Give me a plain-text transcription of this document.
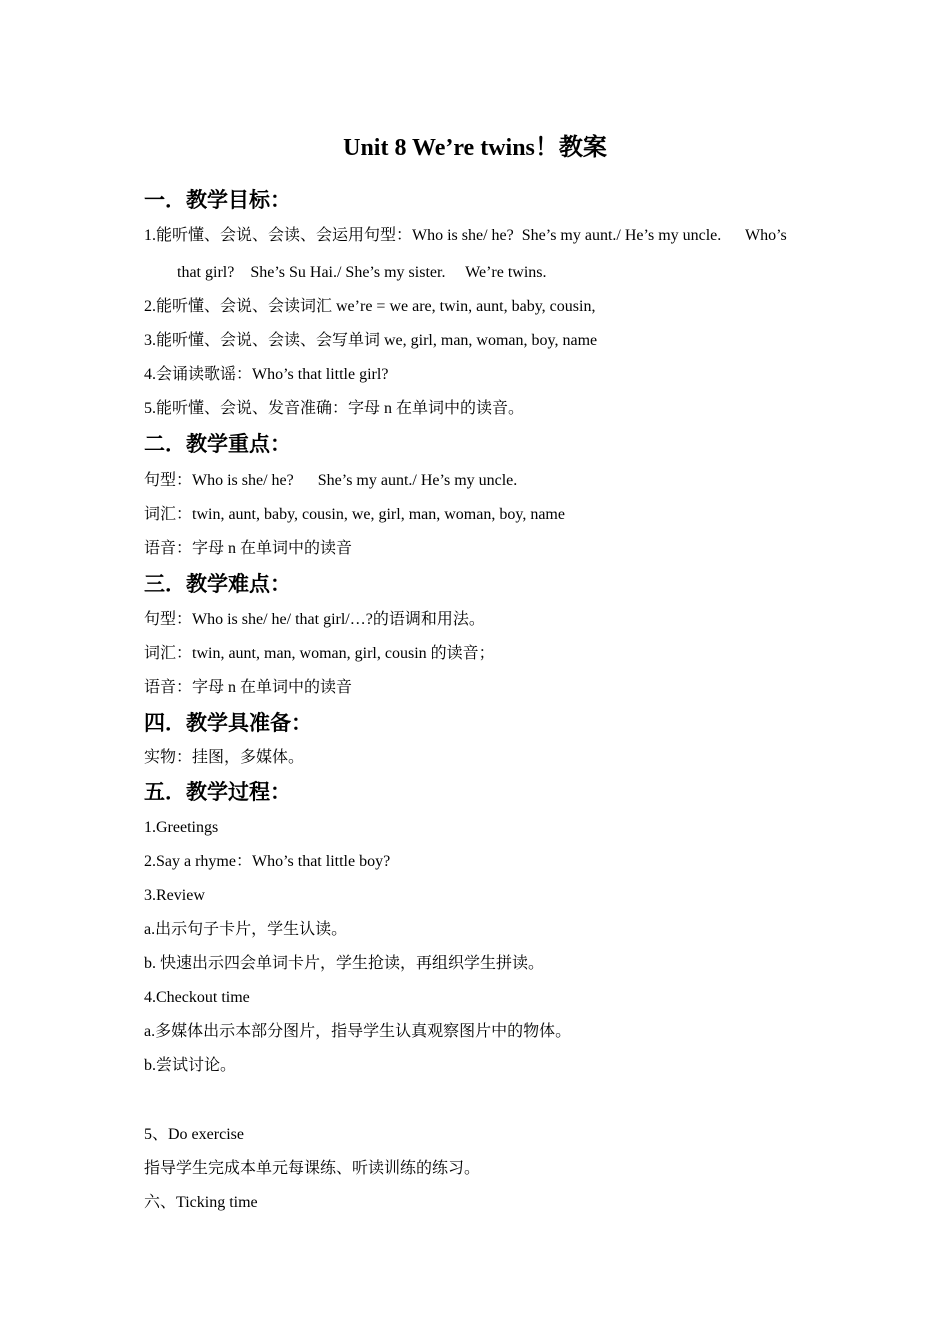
Unit 8 We’re twins！教案
一．教学目标：
1.能听懂、会说、会读、会运用句型：Who is she/ he?  She’s my aunt./ He’s my uncle.      Who’s
that girl?    She’s Su Hai./ She’s my sister.     We’re twins.
2.能听懂、会说、会读词汇 we’re = we are, twin, aunt, baby, cousin,
3.能听懂、会说、会读、会写单词 we, girl, man, woman, boy, name
4.会诵读歌谣：Who’s that little girl?
5.能听懂、会说、发音准确：字母 n 在单词中的读音。
二．教学重点：
句型：Who is she/ he?      She’s my aunt./ He’s my uncle.
词汇：twin, aunt, baby, cousin, we, girl, man, woman, boy, name
语音：字母 n 在单词中的读音
三．教学难点：
句型：Who is she/ he/ that girl/…?的语调和用法。
词汇：twin, aunt, man, woman, girl, cousin 的读音；
语音：字母 n 在单词中的读音
四．教学具准备：
实物：挂图，多媒体。
五．教学过程：
1.Greetings
2.Say a rhyme：Who’s that little boy?
3.Review
a.出示句子卡片，学生认读。
b. 快速出示四会单词卡片，学生抢读，再组织学生拼读。
4.Checkout time
a.多媒体出示本部分图片，指导学生认真观察图片中的物体。
b.尝试讨论。
5、Do exercise
指导学生完成本单元每课练、听读训练的练习。
六、Ticking time
